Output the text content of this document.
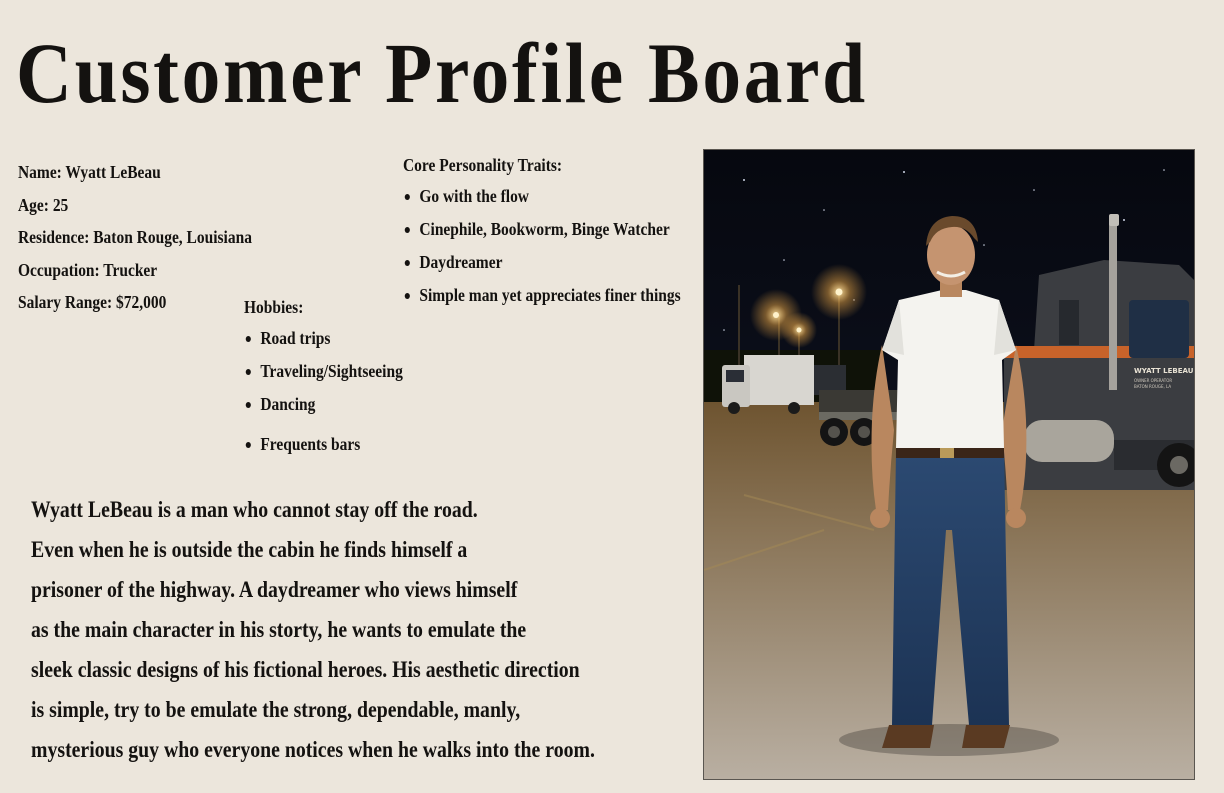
Customer Profile Board
Name: Wyatt LeBeau
Age: 25
Residence: Baton Rouge, Louisiana
Occupation: Trucker
Salary Range: $72,000	Hobbies:
Road trips
Traveling/Sightseeing
Dancing
Frequents bars
Core Personality Traits:
Go with the flow
Cinephile, Bookworm, Binge Watcher
Daydreamer
Simple man yet appreciates finer things
Wyatt LeBeau is a man who cannot stay off the road.
Even when he is outside the cabin he finds himself a
prisoner of the highway. A daydreamer who views himself
as the main character in his storty, he wants to emulate the
sleek classic designs of his fictional heroes. His aesthetic direction
is simple, try to be emulate the strong, dependable, manly,
mysterious guy who everyone notices when he walks into the room.
WYATT LEBEAU
OWNER OPERATOR
BATON ROUGE, LA
